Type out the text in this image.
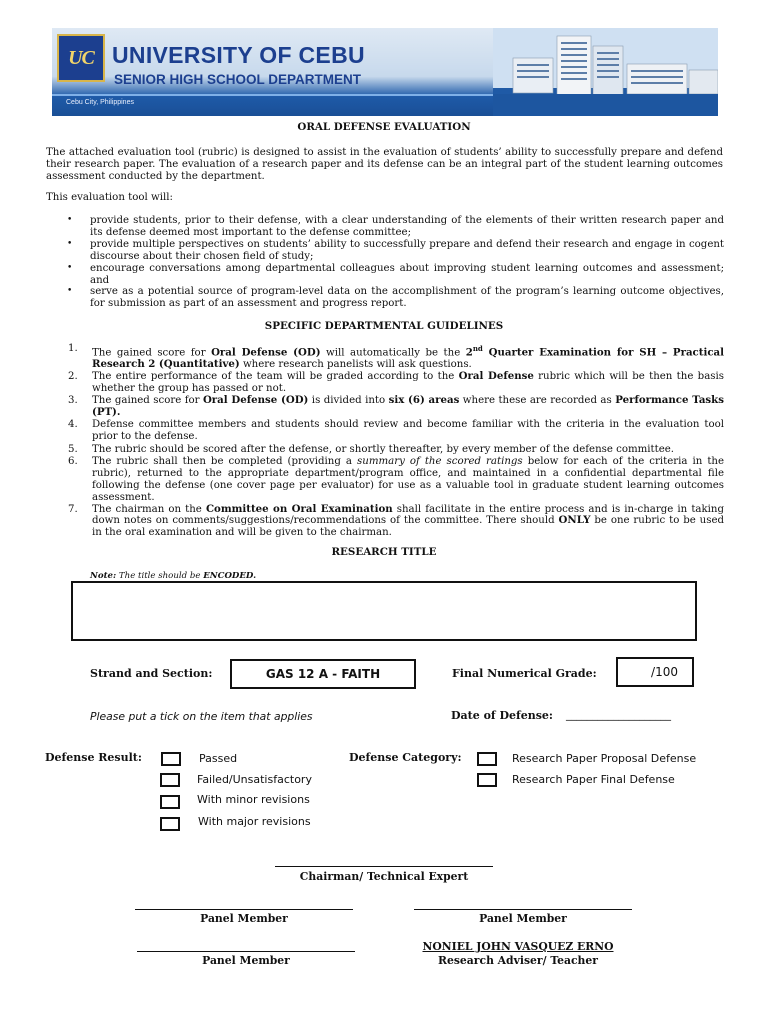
UC UNIVERSITY OF CEBU
SENIOR HIGH SCHOOL DEPARTMENT
Cebu City, Philippines
ORAL DEFENSE EVALUATION
The attached evaluation tool (rubric) is designed to assist in the evaluation of students’ ability to successfully prepare and defend their research paper. The evaluation of a research paper and its defense can be an integral part of the student learning outcomes assessment conducted by the department.
This evaluation tool will:
• provide students, prior to their defense, with a clear understanding of the elements of their written research paper and its defense deemed most important to the defense committee;
• provide multiple perspectives on students’ ability to successfully prepare and defend their research and engage in cogent discourse about their chosen field of study;
• encourage conversations among departmental colleagues about improving student learning outcomes and assessment; and
• serve as a potential source of program-level data on the accomplishment of the program’s learning outcome objectives, for submission as part of an assessment and progress report.
SPECIFIC DEPARTMENTAL GUIDELINES
1. The gained score for Oral Defense (OD) will automatically be the 2nd Quarter Examination for SH – Practical Research 2 (Quantitative) where research panelists will ask questions.
2. The entire performance of the team will be graded according to the Oral Defense rubric which will be then the basis whether the group has passed or not.
3. The gained score for Oral Defense (OD) is divided into six (6) areas where these are recorded as Performance Tasks (PT).
4. Defense committee members and students should review and become familiar with the criteria in the evaluation tool prior to the defense.
5. The rubric should be scored after the defense, or shortly thereafter, by every member of the defense committee.
6. The rubric shall then be completed (providing a summary of the scored ratings below for each of the criteria in the rubric), returned to the appropriate department/program office, and maintained in a confidential departmental file following the defense (one cover page per evaluator) for use as a valuable tool in graduate student learning outcomes assessment.
7. The chairman on the Committee on Oral Examination shall facilitate in the entire process and is in-charge in taking down notes on comments/suggestions/recommendations of the committee. There should ONLY be one rubric to be used in the oral examination and will be given to the chairman.
RESEARCH TITLE
Note: The title should be ENCODED.
Strand and Section:	GAS 12 A - FAITH	Final Numerical Grade:	/100
Please put a tick on the item that applies	Date of Defense: ____________________
Defense Result:	Passed
Failed/Unsatisfactory
With minor revisions
With major revisions
Defense Category:	Research Paper Proposal Defense
Research Paper Final Defense
Chairman/ Technical Expert
Panel Member	Panel Member
Panel Member
NONIEL JOHN VASQUEZ ERNO
Research Adviser/ Teacher
